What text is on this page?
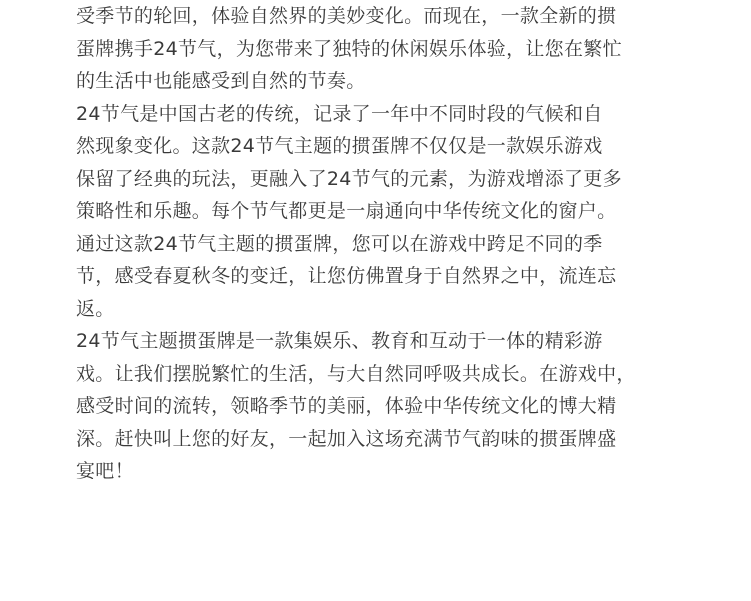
受季节的轮回，体验自然界的美妙变化。而现在，一款全新的掼
蛋牌携手24节气，为您带来了独特的休闲娱乐体验，让您在繁忙
的生活中也能感受到自然的节奏。
24节气是中国古老的传统，记录了一年中不同时段的气候和自
然现象变化。这款24节气主题的掼蛋牌不仅仅是一款娱乐游戏
保留了经典的玩法，更融入了24节气的元素，为游戏增添了更多
策略性和乐趣。每个节气都更是一扇通向中华传统文化的窗户。
通过这款24节气主题的掼蛋牌，您可以在游戏中跨足不同的季
节，感受春夏秋冬的变迁，让您仿佛置身于自然界之中，流连忘
返。
24节气主题掼蛋牌是一款集娱乐、教育和互动于一体的精彩游
戏。让我们摆脱繁忙的生活，与大自然同呼吸共成长。在游戏中，
感受时间的流转，领略季节的美丽，体验中华传统文化的博大精
深。赶快叫上您的好友，一起加入这场充满节气韵味的掼蛋牌盛
宴吧！
